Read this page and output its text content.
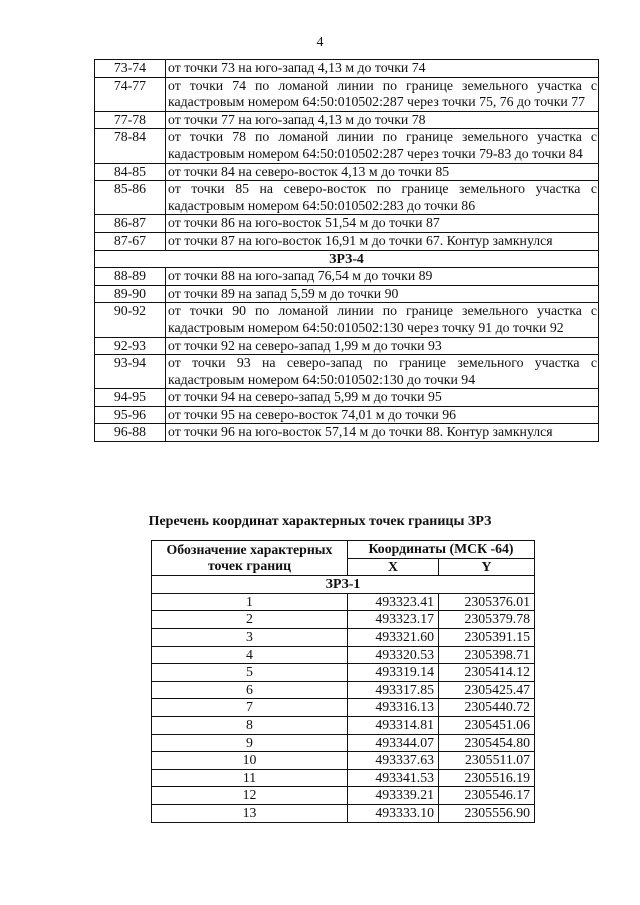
4
73-74	от точки 73 на юго-запад 4,13 м до точки 74
74-77	от точки 74 по ломаной линии по границе земельного участка с кадастровым номером 64:50:010502:287 через точки 75, 76 до точки 77
77-78	от точки 77 на юго-запад 4,13 м до точки 78
78-84	от точки 78 по ломаной линии по границе земельного участка с кадастровым номером 64:50:010502:287 через точки 79-83 до точки 84
84-85	от точки 84 на северо-восток 4,13 м до точки 85
85-86	от точки 85 на северо-восток по границе земельного участка с кадастровым номером 64:50:010502:283 до точки 86
86-87	от точки 86 на юго-восток 51,54 м до точки 87
87-67	от точки 87 на юго-восток 16,91 м до точки 67. Контур замкнулся
ЗРЗ-4	
88-89	от точки 88 на юго-запад 76,54 м до точки 89
89-90	от точки 89 на запад 5,59 м до точки 90
90-92	от точки 90 по ломаной линии по границе земельного участка с кадастровым номером 64:50:010502:130 через точку 91 до точки 92
92-93	от точки 92 на северо-запад 1,99 м до точки 93
93-94	от точки 93 на северо-запад по границе земельного участка с кадастровым номером 64:50:010502:130 до точки 94
94-95	от точки 94 на северо-запад 5,99 м до точки 95
95-96	от точки 95 на северо-восток 74,01 м до точки 96
96-88	от точки 96 на юго-восток 57,14 м до точки 88. Контур замкнулся
Перечень координат характерных точек границы ЗРЗ
Обозначение характерных точек границ	Координаты (МСК -64)	
	X	Y
ЗРЗ-1		
1	493323.41	2305376.01
2	493323.17	2305379.78
3	493321.60	2305391.15
4	493320.53	2305398.71
5	493319.14	2305414.12
6	493317.85	2305425.47
7	493316.13	2305440.72
8	493314.81	2305451.06
9	493344.07	2305454.80
10	493337.63	2305511.07
11	493341.53	2305516.19
12	493339.21	2305546.17
13	493333.10	2305556.90
